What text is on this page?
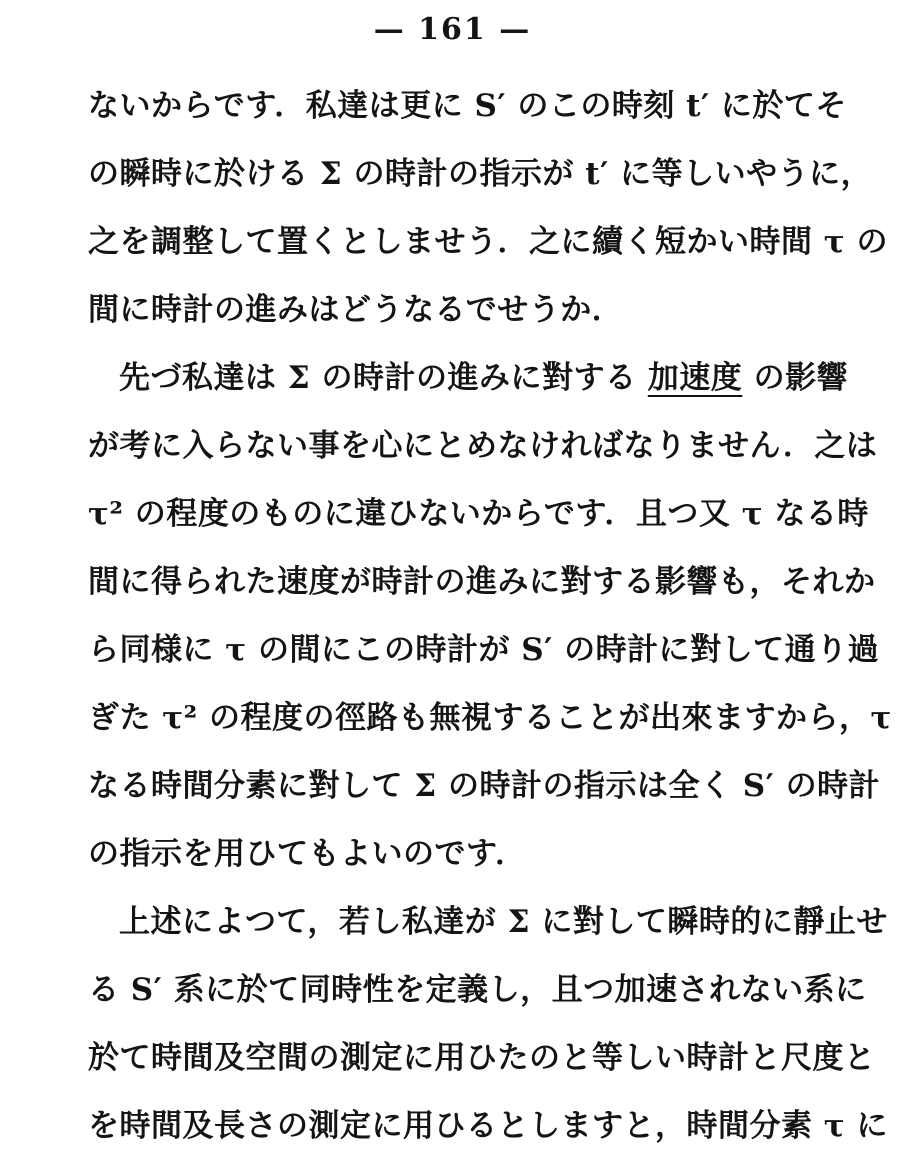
— 161 —
ないからです．私達は更に S′ のこの時刻 t′ に於てそ
の瞬時に於ける Σ の時計の指示が t′ に等しいやうに，
之を調整して置くとしませう．之に續く短かい時間 τ の
間に時計の進みはどうなるでせうか．
先づ私達は Σ の時計の進みに對する 加速度 の影響
が考に入らない事を心にとめなければなりません．之は
τ² の程度のものに違ひないからです．且つ又 τ なる時
間に得られた速度が時計の進みに對する影響も，それか
ら同様に τ の間にこの時計が S′ の時計に對して通り過
ぎた τ² の程度の徑路も無視することが出來ますから，τ
なる時間分素に對して Σ の時計の指示は全く S′ の時計
の指示を用ひてもよいのです．
上述によつて，若し私達が Σ に對して瞬時的に靜止せ
る S′ 系に於て同時性を定義し，且つ加速されない系に
於て時間及空間の測定に用ひたのと等しい時計と尺度と
を時間及長さの測定に用ひるとしますと，時間分素 τ に
